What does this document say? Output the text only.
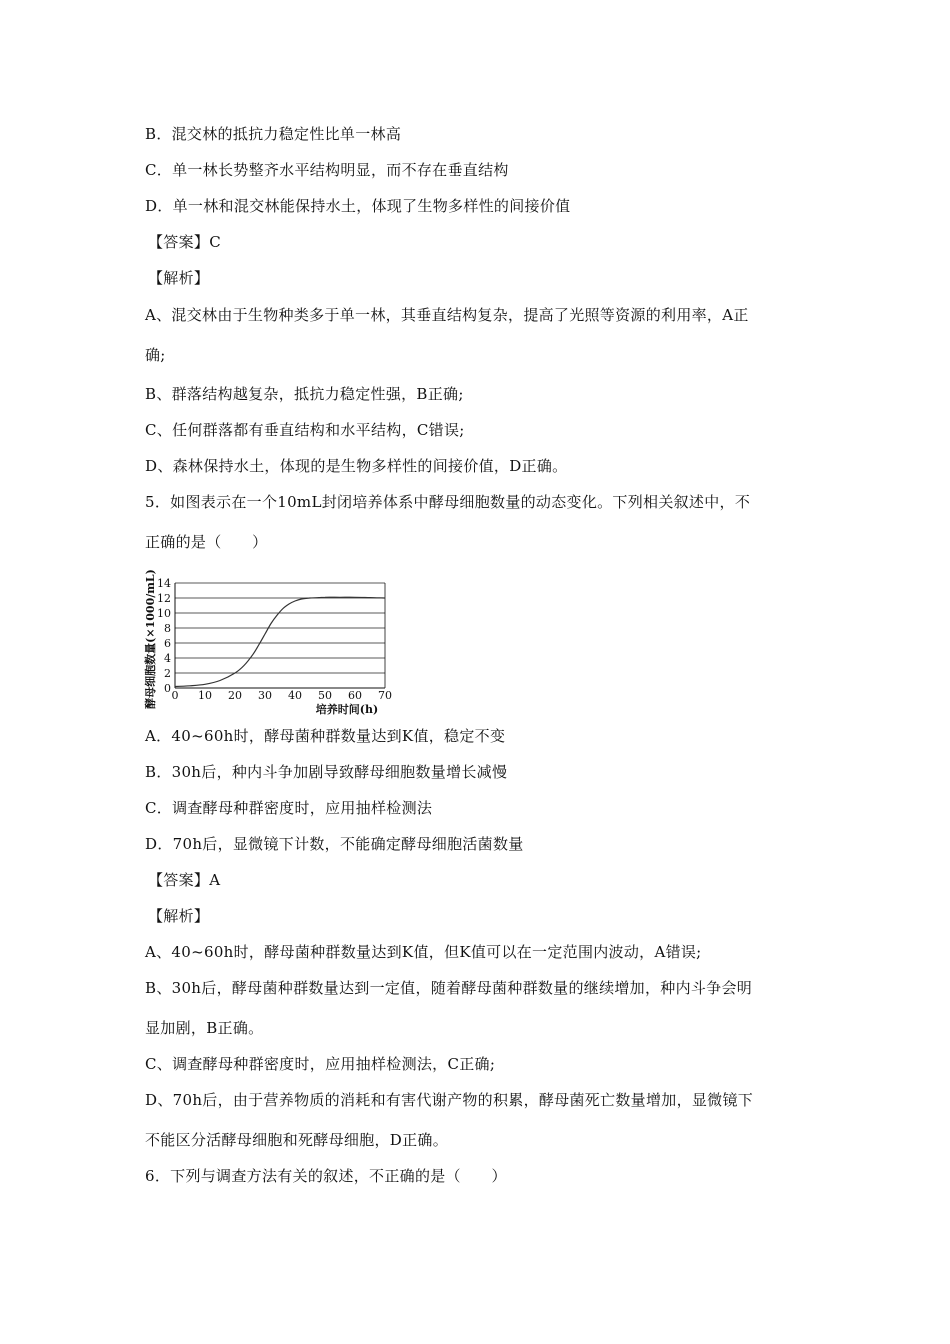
B．混交林的抵抗力稳定性比单一林高
C．单一林长势整齐水平结构明显，而不存在垂直结构
D．单一林和混交林能保持水土，体现了生物多样性的间接价值
【答案】C
【解析】
A、混交林由于生物种类多于单一林，其垂直结构复杂，提高了光照等资源的利用率，A正
确;
B、群落结构越复杂，抵抗力稳定性强，B正确;
C、任何群落都有垂直结构和水平结构，C错误;
D、森林保持水土，体现的是生物多样性的间接价值，D正确。
5．如图表示在一个10mL封闭培养体系中酵母细胞数量的动态变化。下列相关叙述中，不
正确的是（　　）
0
2
4
6
8
10
12
14
0 10 20 30 40 50 60 70
酵母细胞数量(×1000/mL)
培养时间(h)
A．40~60h时，酵母菌种群数量达到K值，稳定不变
B．30h后，种内斗争加剧导致酵母细胞数量增长减慢
C．调查酵母种群密度时，应用抽样检测法
D．70h后，显微镜下计数，不能确定酵母细胞活菌数量
【答案】A
【解析】
A、40~60h时，酵母菌种群数量达到K值，但K值可以在一定范围内波动，A错误;
B、30h后，酵母菌种群数量达到一定值，随着酵母菌种群数量的继续增加，种内斗争会明
显加剧，B正确。
C、调查酵母种群密度时，应用抽样检测法，C正确;
D、70h后，由于营养物质的消耗和有害代谢产物的积累，酵母菌死亡数量增加，显微镜下
不能区分活酵母细胞和死酵母细胞，D正确。
6．下列与调查方法有关的叙述，不正确的是（　　）
